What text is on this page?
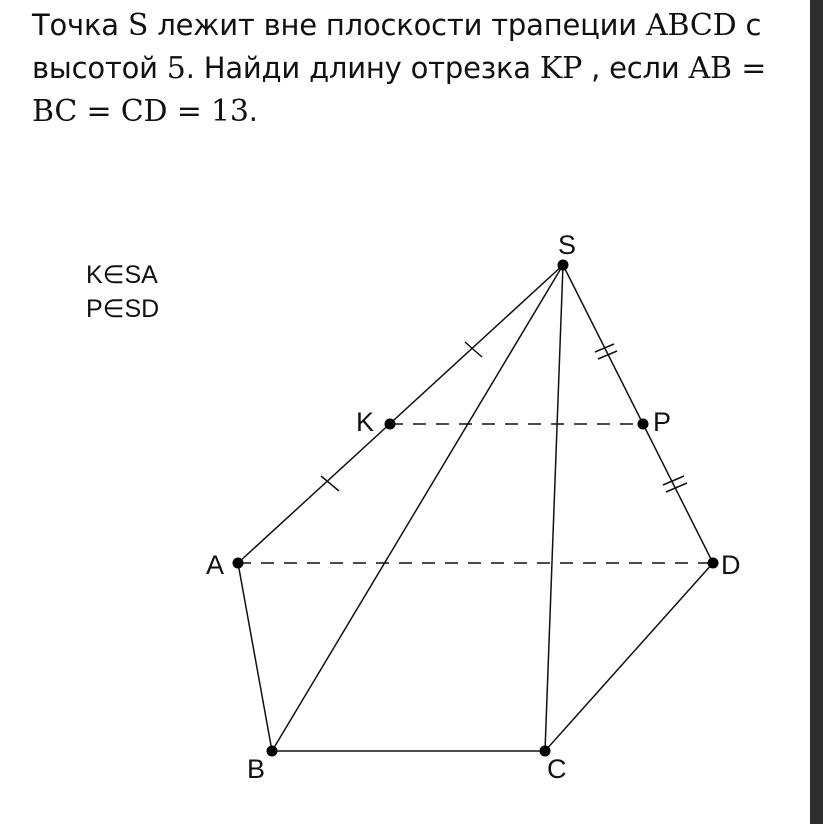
Точка S лежит вне плоскости трапеции ABCD с высотой 5. Найди длину отрезка KP , если AB = BC = CD = 13.
K∈SA
P∈SD
S
K	P
A	D
B	C
